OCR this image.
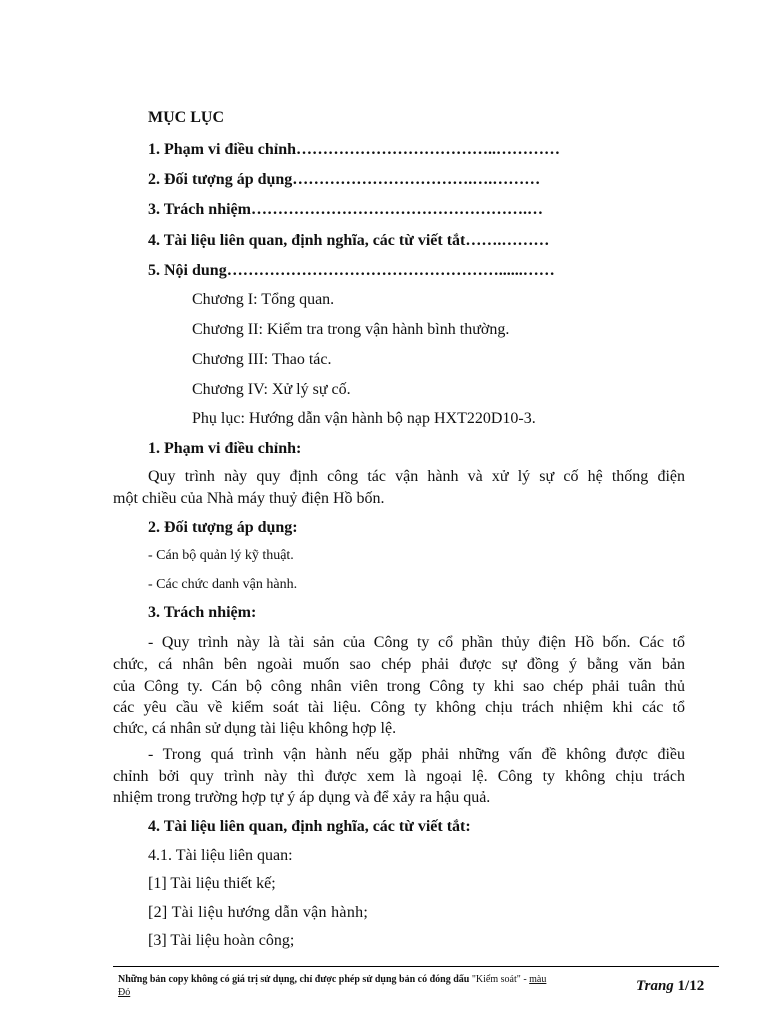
MỤC LỤC
1. Phạm vi điều chỉnh………………………………..…………
2. Đối tượng áp dụng…………………………….….………
3. Trách nhiệm…………………………………………….…
4. Tài liệu liên quan, định nghĩa, các từ viết tắt…….………
5. Nội dung……………………………………………......……
Chương I: Tổng quan.
Chương II: Kiểm tra trong vận hành bình thường.
Chương III: Thao tác.
Chương IV: Xử lý sự cố.
Phụ lục: Hướng dẫn vận hành bộ nạp HXT220D10-3.
1. Phạm vi điều chỉnh:
Quy trình này quy định công tác vận hành và xử lý sự cố hệ thống điện
một chiều của Nhà máy thuỷ điện Hồ bốn.
2. Đối tượng áp dụng:
- Cán bộ quản lý kỹ thuật.
- Các chức danh vận hành.
3. Trách nhiệm:
- Quy trình này là tài sản của Công ty cổ phần thủy điện Hồ bốn. Các tổ
chức, cá nhân bên ngoài muốn sao chép phải được sự đồng ý bằng văn bản
của Công ty. Cán bộ công nhân viên trong Công ty khi sao chép phải tuân thủ
các yêu cầu về kiểm soát tài liệu. Công ty không chịu trách nhiệm khi các tổ
chức, cá nhân sử dụng tài liệu không hợp lệ.
- Trong quá trình vận hành nếu gặp phải những vấn đề không được điều
chỉnh bởi quy trình này thì được xem là ngoại lệ. Công ty không chịu trách
nhiệm trong trường hợp tự ý áp dụng và để xảy ra hậu quả.
4. Tài liệu liên quan, định nghĩa, các từ viết tắt:
4.1. Tài liệu liên quan:
[1] Tài liệu thiết kế;
[2] Tài liệu hướng dẫn vận hành;
[3] Tài liệu hoàn công;
Những bản copy không có giá trị sử dụng, chỉ được phép sử dụng bản có đóng dấu "Kiểm soát" - màu
Đỏ	Trang 1/12
